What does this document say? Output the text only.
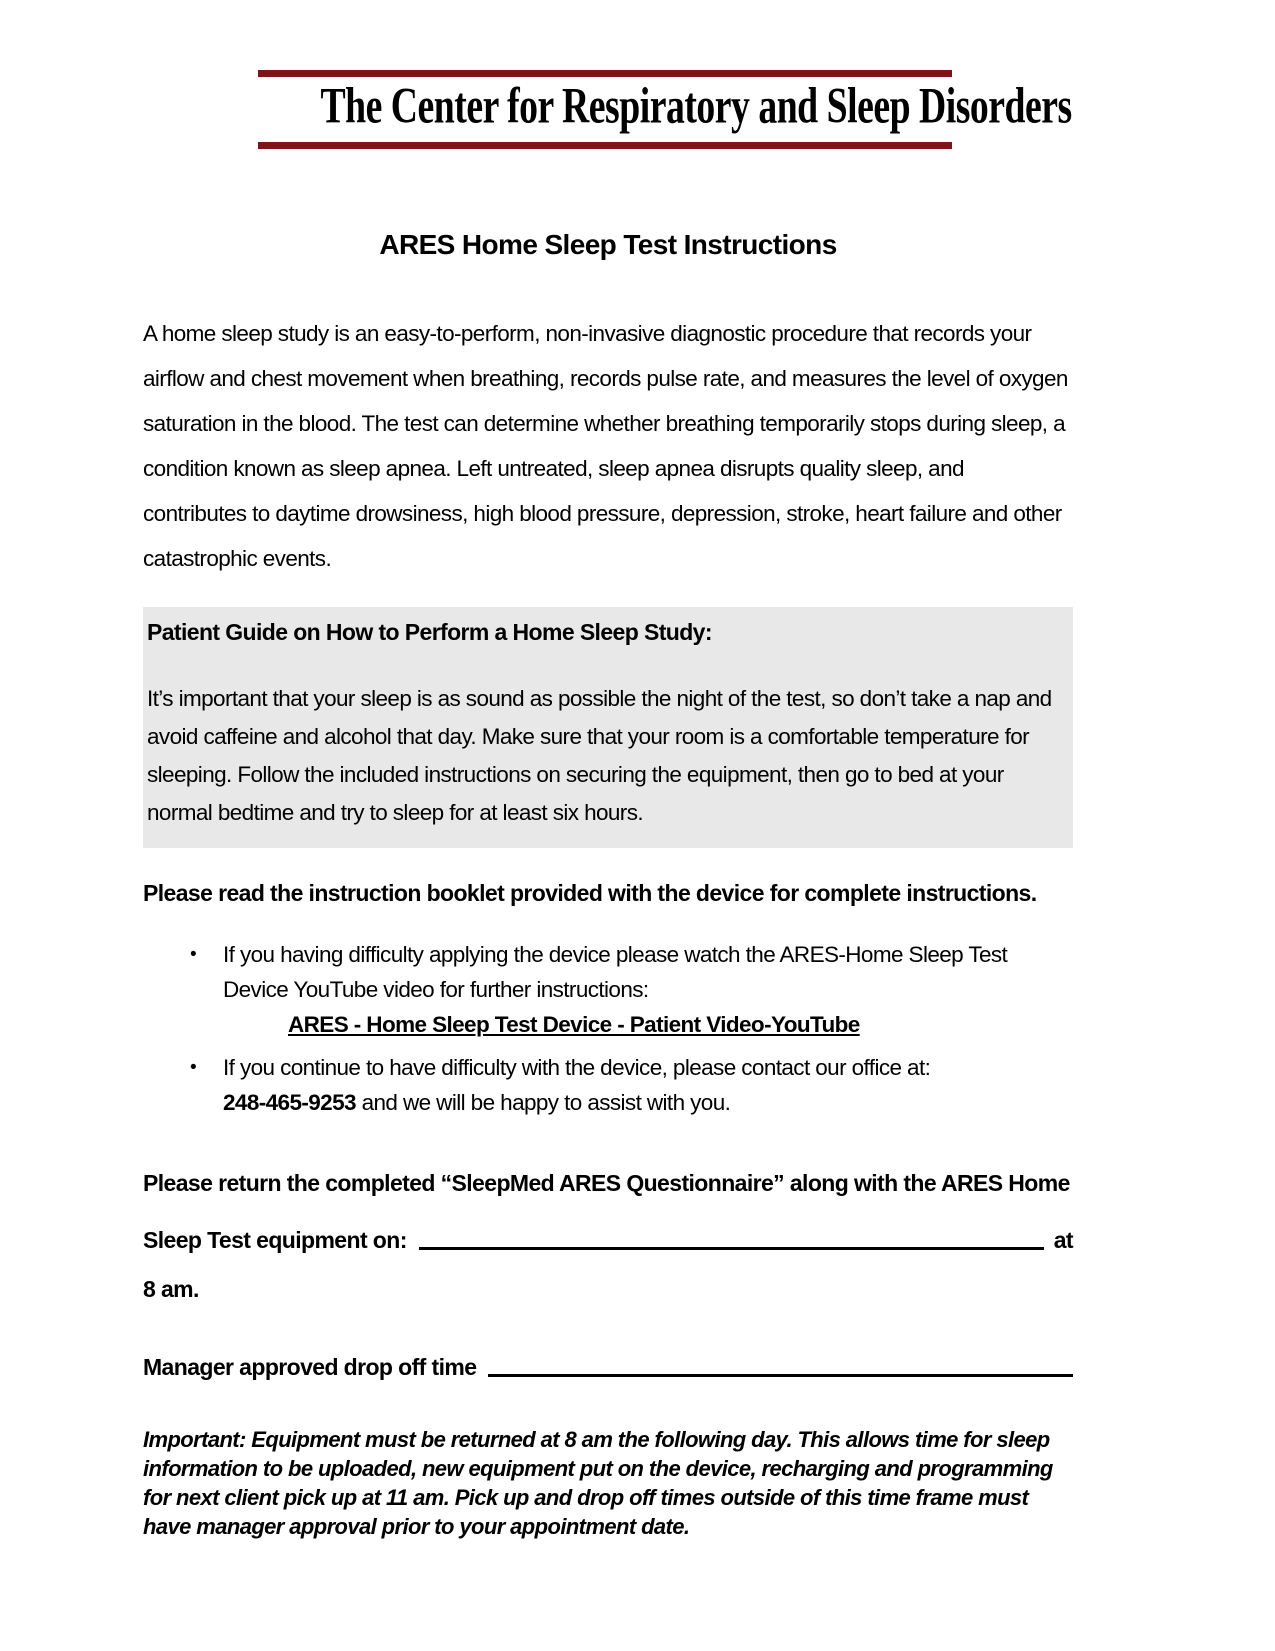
The Center for Respiratory and Sleep Disorders
ARES Home Sleep Test Instructions

A home sleep study is an easy-to-perform, non-invasive diagnostic procedure that records your airflow and chest movement when breathing, records pulse rate, and measures the level of oxygen saturation in the blood. The test can determine whether breathing temporarily stops during sleep, a condition known as sleep apnea. Left untreated, sleep apnea disrupts quality sleep, and contributes to daytime drowsiness, high blood pressure, depression, stroke, heart failure and other catastrophic events.

Patient Guide on How to Perform a Home Sleep Study:

It’s important that your sleep is as sound as possible the night of the test, so don’t take a nap and avoid caffeine and alcohol that day. Make sure that your room is a comfortable temperature for sleeping. Follow the included instructions on securing the equipment, then go to bed at your normal bedtime and try to sleep for at least six hours.

Please read the instruction booklet provided with the device for complete instructions.

•	If you having difficulty applying the device please watch the ARES-Home Sleep Test Device YouTube video for further instructions:
ARES - Home Sleep Test Device - Patient Video-YouTube
•	If you continue to have difficulty with the device, please contact our office at:
248-465-9253 and we will be happy to assist with you.

Please return the completed “SleepMed ARES Questionnaire” along with the ARES Home

Sleep Test equipment on:	at

8 am.

Manager approved drop off time

Important: Equipment must be returned at 8 am the following day. This allows time for sleep information to be uploaded, new equipment put on the device, recharging and programming for next client pick up at 11 am. Pick up and drop off times outside of this time frame must have manager approval prior to your appointment date.
